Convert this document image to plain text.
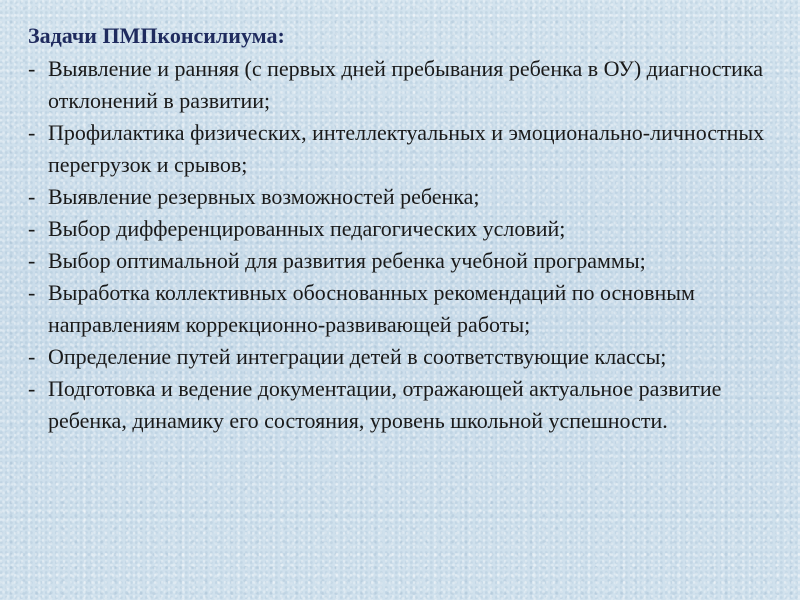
Задачи ПМПконсилиума:
- Выявление и ранняя (с первых дней пребывания ребенка в ОУ) диагностика отклонений в развитии;
- Профилактика физических, интеллектуальных и эмоционально-личностных перегрузок и срывов;
- Выявление резервных возможностей ребенка;
- Выбор дифференцированных педагогических условий;
- Выбор оптимальной для развития ребенка учебной программы;
- Выработка коллективных обоснованных рекомендаций по основным направлениям коррекционно-развивающей работы;
- Определение путей интеграции детей в соответствующие классы;
- Подготовка и ведение документации, отражающей актуальное развитие ребенка, динамику его состояния, уровень школьной успешности.
